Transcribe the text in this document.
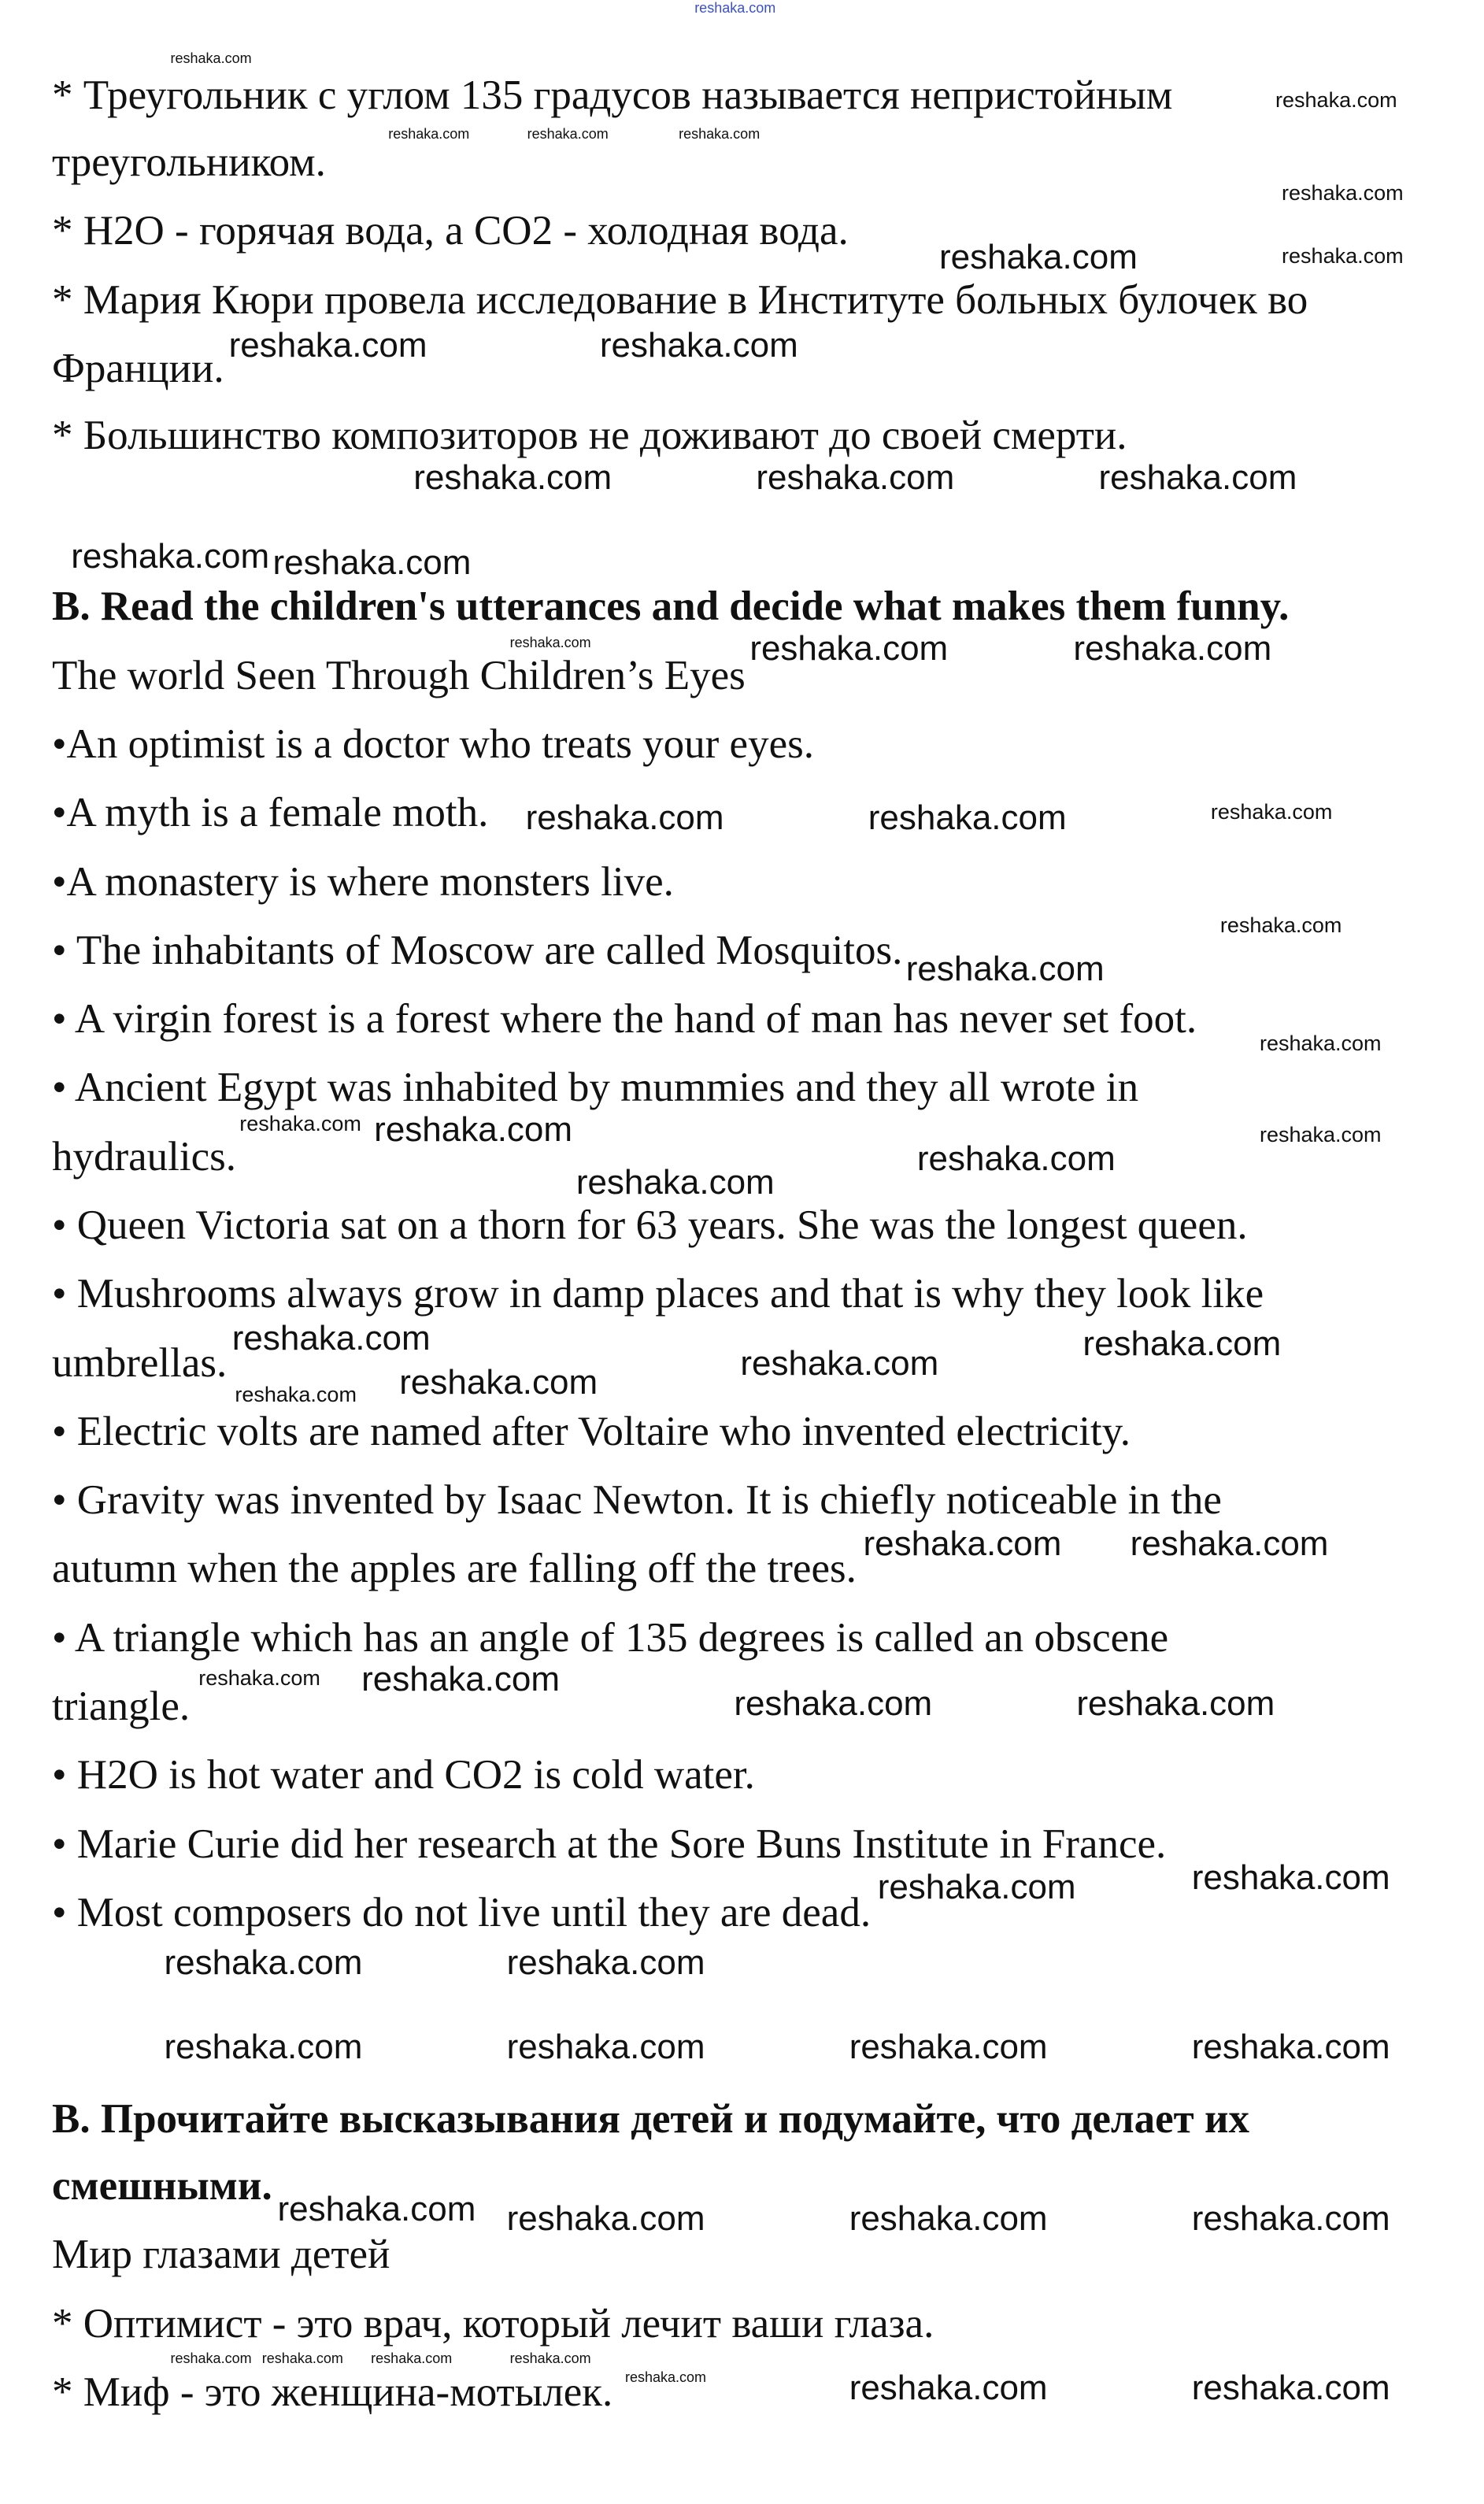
* Треугольник с углом 135 градусов называется непристойным
треугольником.
* H2O - горячая вода, а CO2 - холодная вода.
* Мария Кюри провела исследование в Институте больных булочек во
Франции.
* Большинство композиторов не доживают до своей смерти.
B. Read the children's utterances and decide what makes them funny.
The world Seen Through Children’s Eyes
•An optimist is a doctor who treats your eyes.
•A myth is a female moth.
•A monastery is where monsters live.
• The inhabitants of Moscow are called Mosquitos.
• A virgin forest is a forest where the hand of man has never set foot.
• Ancient Egypt was inhabited by mummies and they all wrote in
hydraulics.
• Queen Victoria sat on a thorn for 63 years. She was the longest queen.
• Mushrooms always grow in damp places and that is why they look like
umbrellas.
• Electric volts are named after Voltaire who invented electricity.
• Gravity was invented by Isaac Newton. It is chiefly noticeable in the
autumn when the apples are falling off the trees.
• A triangle which has an angle of 135 degrees is called an obscene
triangle.
• H2O is hot water and CO2 is cold water.
• Marie Curie did her research at the Sore Buns Institute in France.
• Most composers do not live until they are dead.
В. Прочитайте высказывания детей и подумайте, что делает их
смешными.
Мир глазами детей
* Оптимист - это врач, который лечит ваши глаза.
* Миф - это женщина-мотылек.
reshaka.com
reshaka.com	reshaka.com
reshaka.com
reshaka.com	reshaka.com	reshaka.com
reshaka.com
reshaka.com	reshaka.com
reshaka.com
reshaka.com	reshaka.com
reshaka.com
reshaka.com
reshaka.com
reshaka.com
reshaka.com	reshaka.com
reshaka.com
reshaka.com
reshaka.com reshaka.com
reshaka.com
reshaka.com	reshaka.com
reshaka.com	reshaka.com
reshaka.com	reshaka.com
reshaka.com	reshaka.com	reshaka.com	reshaka.com
reshaka.com reshaka.com	reshaka.com	reshaka.com
reshaka.com	reshaka.com
reshaka.com
reshaka.com
reshaka.com
reshaka.com
reshaka.com
reshaka.com
reshaka.com
reshaka.com
reshaka.com
reshaka.com
reshaka.com
reshaka.com	reshaka.com	reshaka.com
reshaka.com
reshaka.com reshaka.com reshaka.com	reshaka.com
reshaka.com
